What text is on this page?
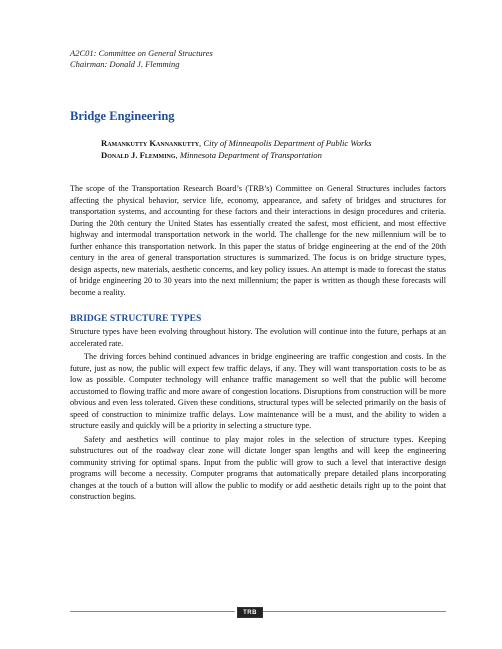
A2C01: Committee on General Structures
Chairman: Donald J. Flemming
Bridge Engineering
Ramankutty Kannankutty, City of Minneapolis Department of Public Works
Donald J. Flemming, Minnesota Department of Transportation
The scope of the Transportation Research Board’s (TRB’s) Committee on General Structures includes factors affecting the physical behavior, service life, economy, appearance, and safety of bridges and structures for transportation systems, and accounting for these factors and their interactions in design procedures and criteria. During the 20th century the United States has essentially created the safest, most efficient, and most effective highway and intermodal transportation network in the world. The challenge for the new millennium will be to further enhance this transportation network. In this paper the status of bridge engineering at the end of the 20th century in the area of general transportation structures is summarized. The focus is on bridge structure types, design aspects, new materials, aesthetic concerns, and key policy issues. An attempt is made to forecast the status of bridge engineering 20 to 30 years into the next millennium; the paper is written as though these forecasts will become a reality.
BRIDGE STRUCTURE TYPES

Structure types have been evolving throughout history. The evolution will continue into the future, perhaps at an accelerated rate.

The driving forces behind continued advances in bridge engineering are traffic congestion and costs. In the future, just as now, the public will expect few traffic delays, if any. They will want transportation costs to be as low as possible. Computer technology will enhance traffic management so well that the public will become accustomed to flowing traffic and more aware of congestion locations. Disruptions from construction will be more obvious and even less tolerated. Given these conditions, structural types will be selected primarily on the basis of speed of construction to minimize traffic delays. Low maintenance will be a must, and the ability to widen a structure easily and quickly will be a priority in selecting a structure type.

Safety and aesthetics will continue to play major roles in the selection of structure types. Keeping substructures out of the roadway clear zone will dictate longer span lengths and will keep the engineering community striving for optimal spans. Input from the public will grow to such a level that interactive design programs will become a necessity. Computer programs that automatically prepare detailed plans incorporating changes at the touch of a button will allow the public to modify or add aesthetic details right up to the point that construction begins.

TRB
